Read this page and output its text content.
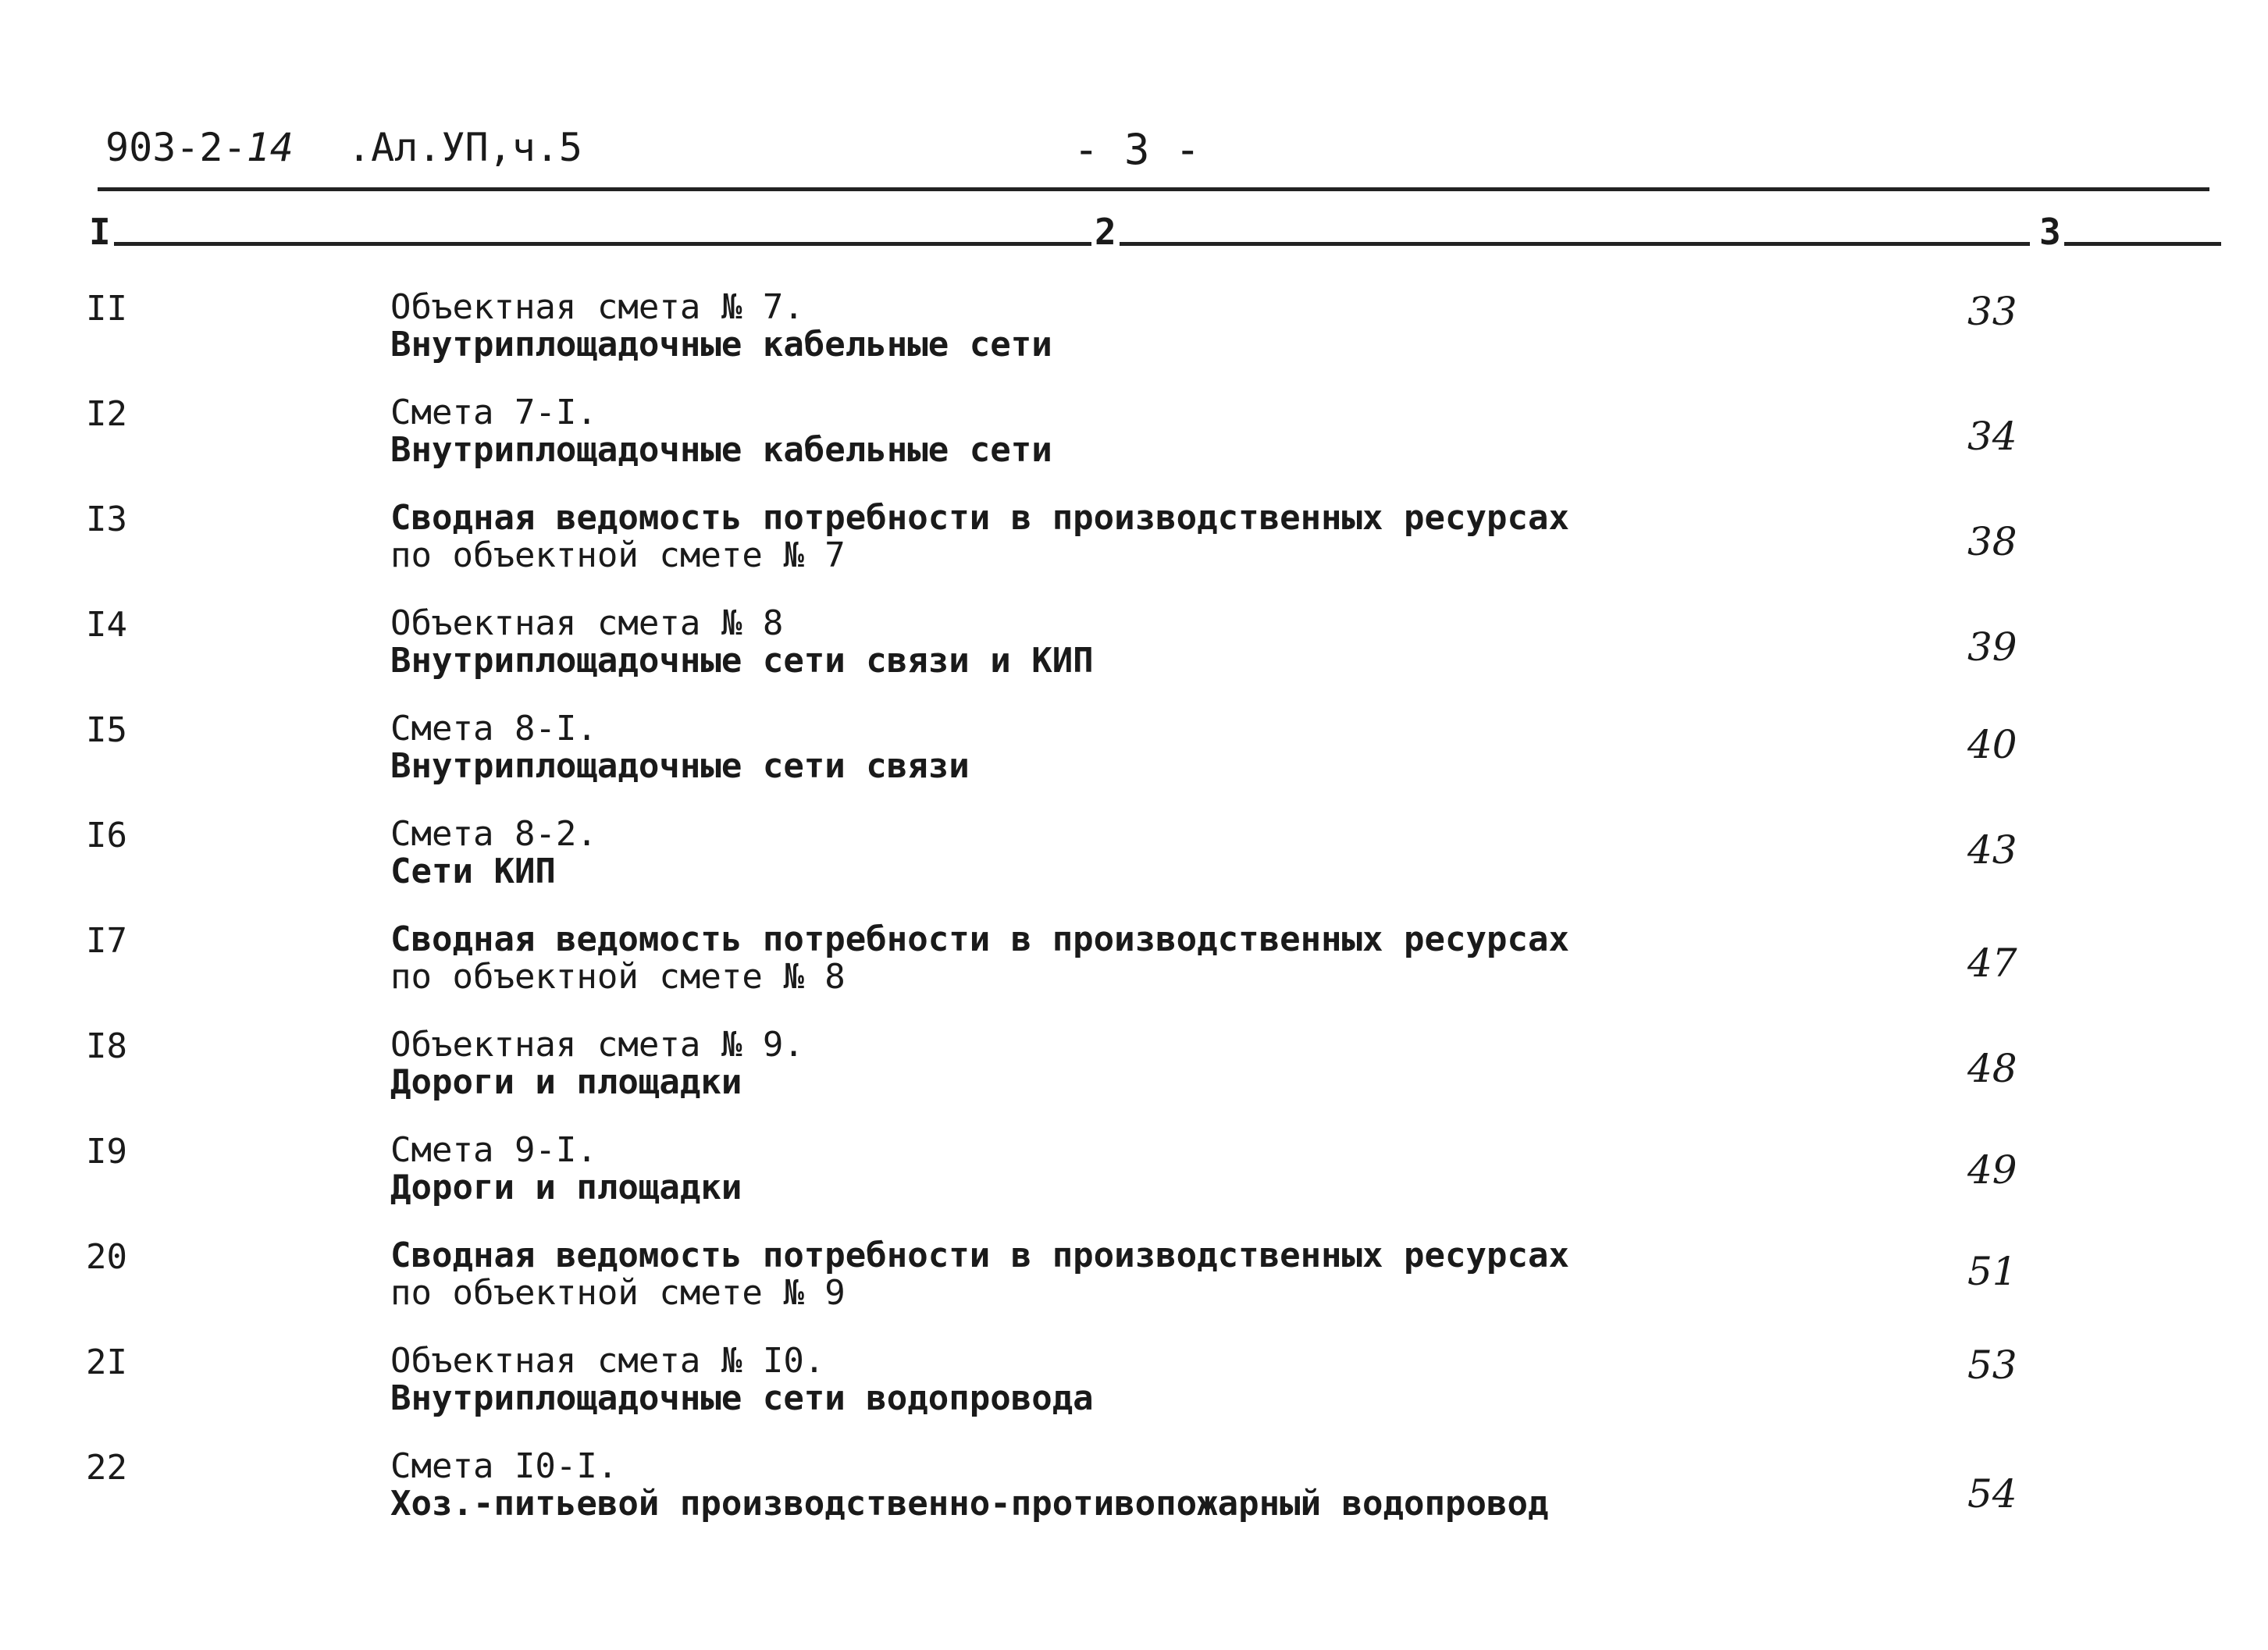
903-2-14 .Ал.УП,ч.5	- 3 -
I	2	3
II	Объектная смета № 7.
Внутриплощадочные кабельные сети
33
I2	Смета 7-I.
Внутриплощадочные кабельные сети	34
I3	Сводная ведомость потребности в производственных ресурсах
по объектной смете № 7	38
I4	Объектная смета № 8
Внутриплощадочные сети связи и КИП	39
I5	Смета 8-I.
Внутриплощадочные сети связи	40
I6	Смета 8-2.
Сети КИП	43
I7	Сводная ведомость потребности в производственных ресурсах
по объектной смете № 8	47
I8	Объектная смета № 9.
Дороги и площадки	48
I9	Смета 9-I.
Дороги и площадки	49
20	Сводная ведомость потребности в производственных ресурсах
по объектной смете № 9	51
2I	Объектная смета № I0.
Внутриплощадочные сети водопровода
53
22	Смета I0-I.
Хоз.-питьевой производственно-противопожарный водопровод	54
